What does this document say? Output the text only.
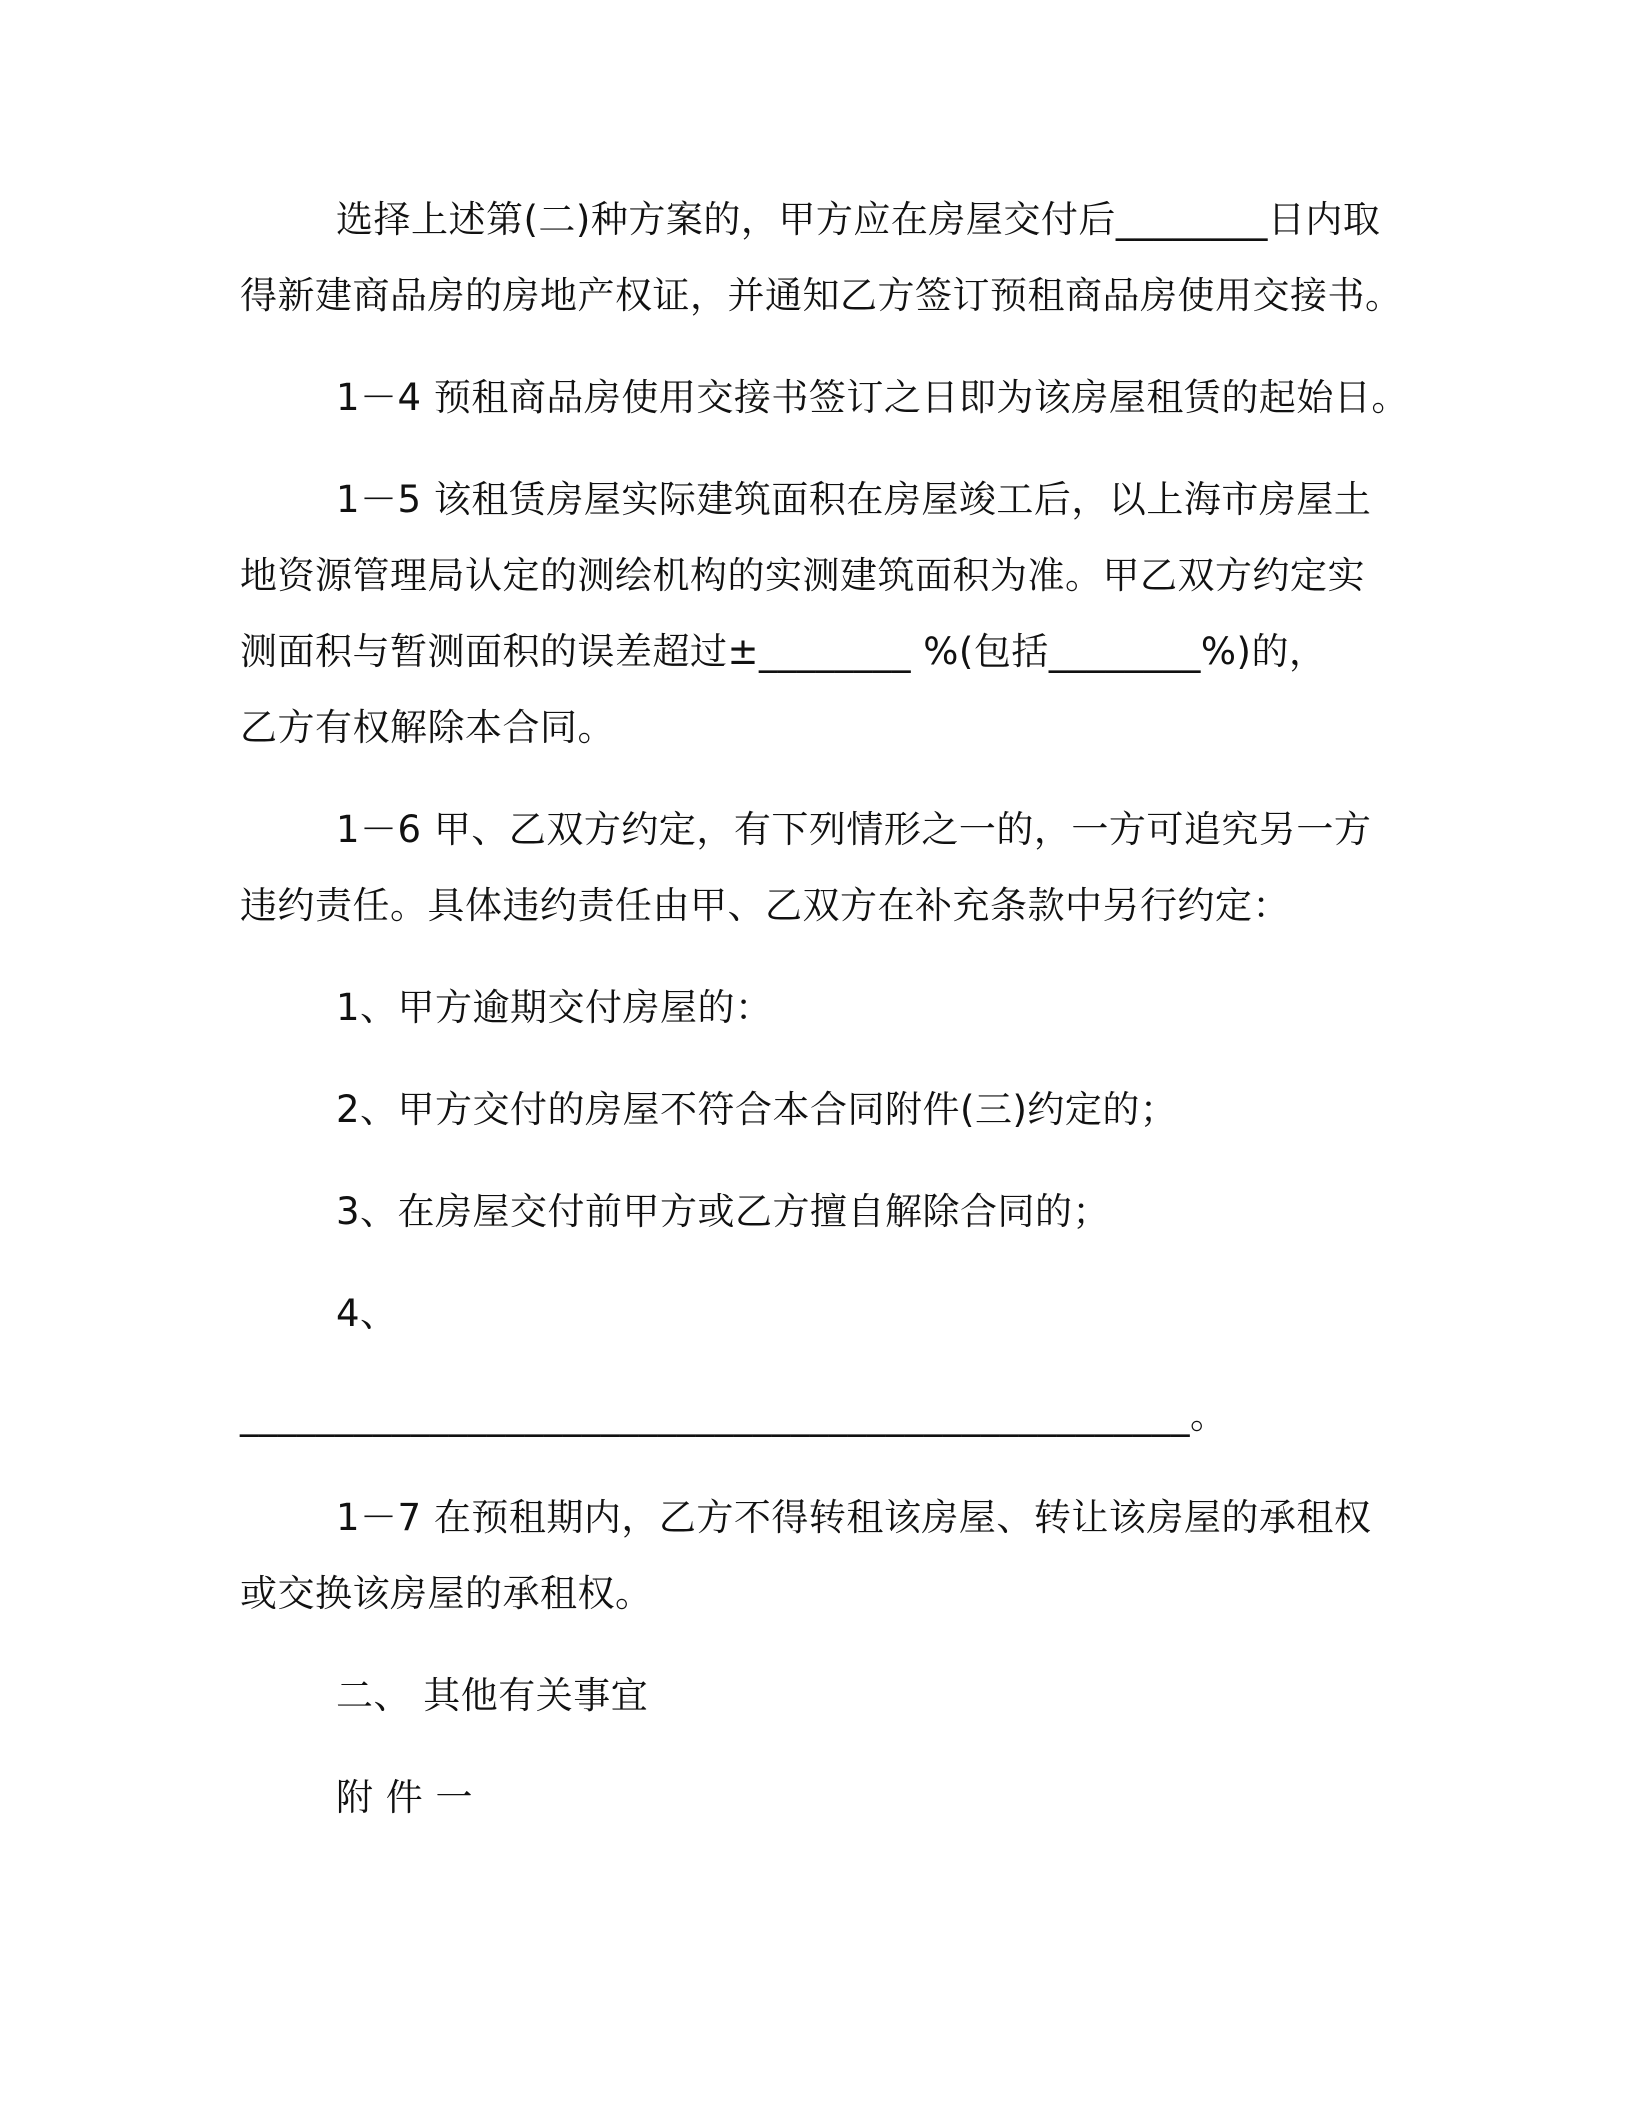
选择上述第(二)种方案的，甲方应在房屋交付后________日内取
得新建商品房的房地产权证，并通知乙方签订预租商品房使用交接书。
1－4 预租商品房使用交接书签订之日即为该房屋租赁的起始日。
1－5 该租赁房屋实际建筑面积在房屋竣工后，以上海市房屋土
地资源管理局认定的测绘机构的实测建筑面积为准。甲乙双方约定实
测面积与暂测面积的误差超过±________ %(包括________%)的，
乙方有权解除本合同。
1－6 甲、乙双方约定，有下列情形之一的，一方可追究另一方
违约责任。具体违约责任由甲、乙双方在补充条款中另行约定：
1、甲方逾期交付房屋的：
2、甲方交付的房屋不符合本合同附件(三)约定的；
3、在房屋交付前甲方或乙方擅自解除合同的；
4、
__________________________________________________。
1－7 在预租期内，乙方不得转租该房屋、转让该房屋的承租权
或交换该房屋的承租权。
二、 其他有关事宜
附 件 一
